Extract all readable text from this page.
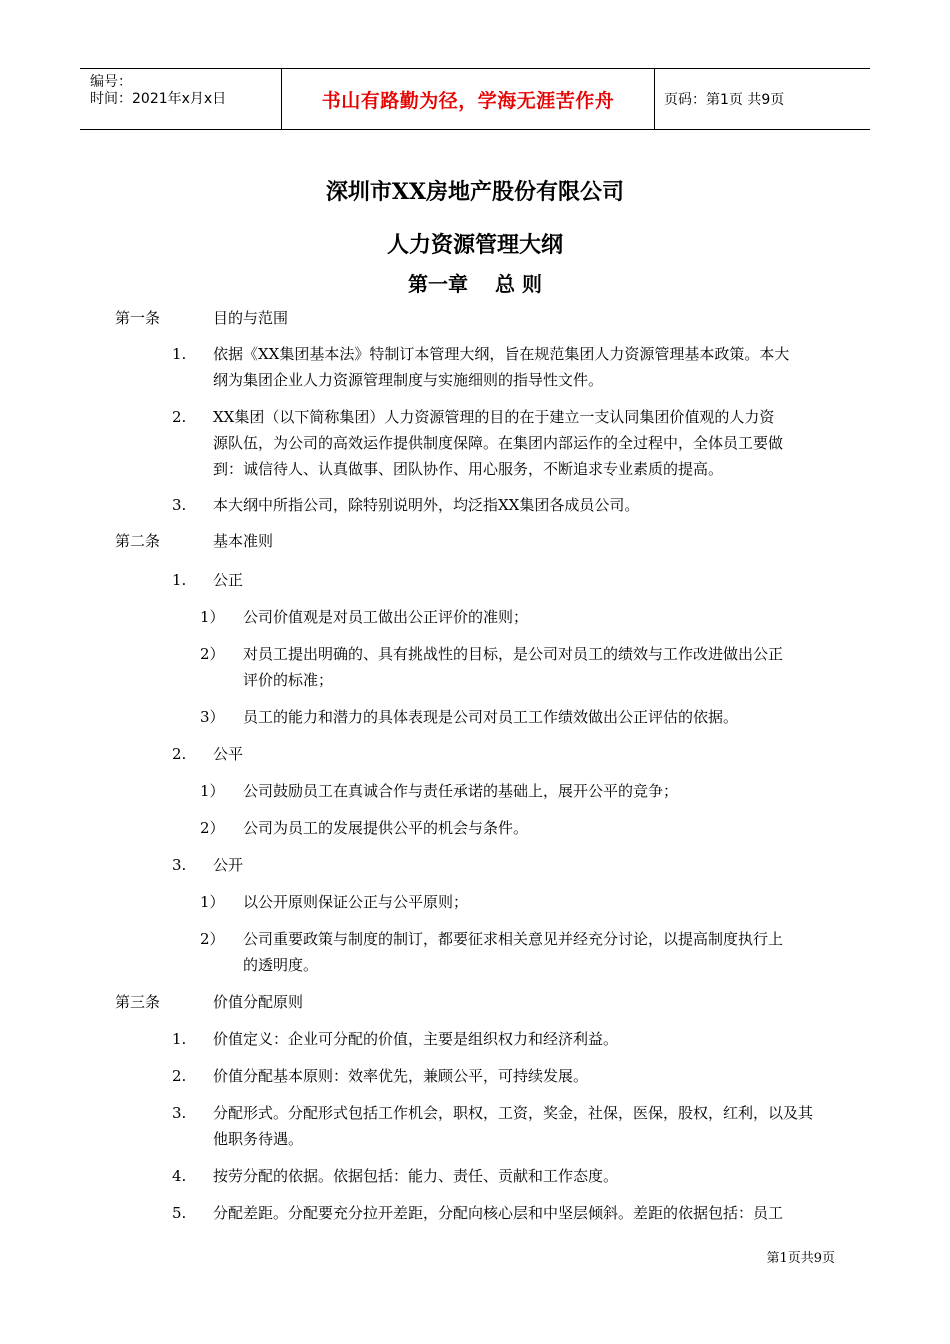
编号：
时间：2021年x月x日	书山有路勤为径，学海无涯苦作舟	页码：第1页 共9页
深圳市XX房地产股份有限公司
人力资源管理大纲
第一章　 总 则
第一条	目的与范围
1. 依据《XX集团基本法》特制订本管理大纲，旨在规范集团人力资源管理基本政策。本大
纲为集团企业人力资源管理制度与实施细则的指导性文件。
2. XX集团（以下简称集团）人力资源管理的目的在于建立一支认同集团价值观的人力资
源队伍，为公司的高效运作提供制度保障。在集团内部运作的全过程中，全体员工要做
到：诚信待人、认真做事、团队协作、用心服务，不断追求专业素质的提高。
3. 本大纲中所指公司，除特别说明外，均泛指XX集团各成员公司。
第二条	基本准则
1. 公正
1） 公司价值观是对员工做出公正评价的准则；
2） 对员工提出明确的、具有挑战性的目标，是公司对员工的绩效与工作改进做出公正
评价的标准；
3） 员工的能力和潜力的具体表现是公司对员工工作绩效做出公正评估的依据。
2. 公平
1） 公司鼓励员工在真诚合作与责任承诺的基础上，展开公平的竞争；
2） 公司为员工的发展提供公平的机会与条件。
3. 公开
1） 以公开原则保证公正与公平原则；
2） 公司重要政策与制度的制订，都要征求相关意见并经充分讨论，以提高制度执行上
的透明度。
第三条	价值分配原则
1. 价值定义：企业可分配的价值，主要是组织权力和经济利益。
2. 价值分配基本原则：效率优先，兼顾公平，可持续发展。
3. 分配形式。分配形式包括工作机会，职权，工资，奖金，社保，医保，股权，红利，以及其
他职务待遇。
4. 按劳分配的依据。依据包括：能力、责任、贡献和工作态度。
5. 分配差距。分配要充分拉开差距，分配向核心层和中坚层倾斜。差距的依据包括：员工
第1页共9页
